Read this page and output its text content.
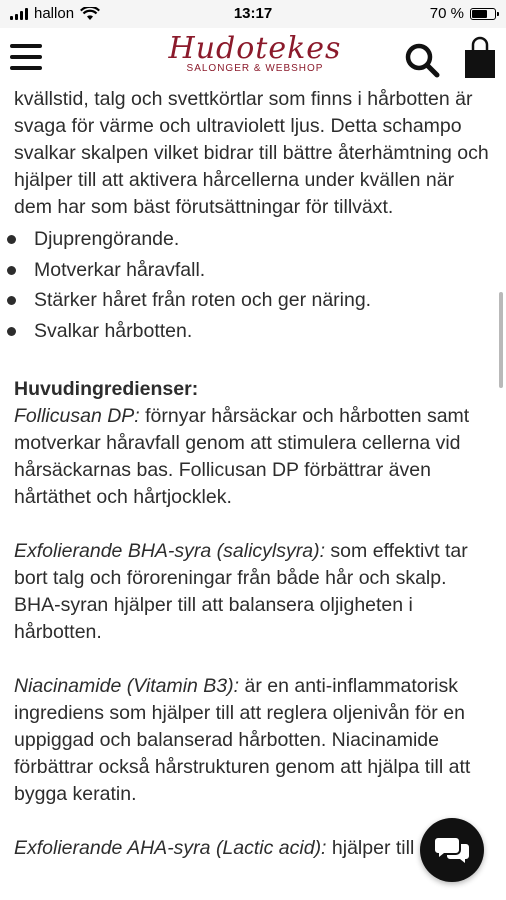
hallon	13:17	70 %
Hudotekes
SALONGER & WEBSHOP

kvällstid, talg och svettkörtlar som finns i hårbotten är svaga för värme och ultraviolett ljus. Detta schampo svalkar skalpen vilket bidrar till bättre återhämtning och hjälper till att aktivera hårcellerna under kvällen när dem har som bäst förutsättningar för tillväxt.

Djuprengörande.
Motverkar håravfall.
Stärker håret från roten och ger näring.
Svalkar hårbotten.

Huvudingredienser:

Follicusan DP: förnyar hårsäckar och hårbotten samt motverkar håravfall genom att stimulera cellerna vid hårsäckarnas bas. Follicusan DP förbättrar även hårtäthet och hårtjocklek.

Exfolierande BHA-syra (salicylsyra): som effektivt tar bort talg och föroreningar från både hår och skalp. BHA-syran hjälper till att balansera oljigheten i hårbotten.

Niacinamide (Vitamin B3): är en anti-inflammatorisk ingrediens som hjälper till att reglera oljenivån för en uppiggad och balanserad hårbotten. Niacinamide förbättrar också hårstrukturen genom att hjälpa till att bygga keratin.

Exfolierande AHA-syra (Lactic acid): hjälper till
